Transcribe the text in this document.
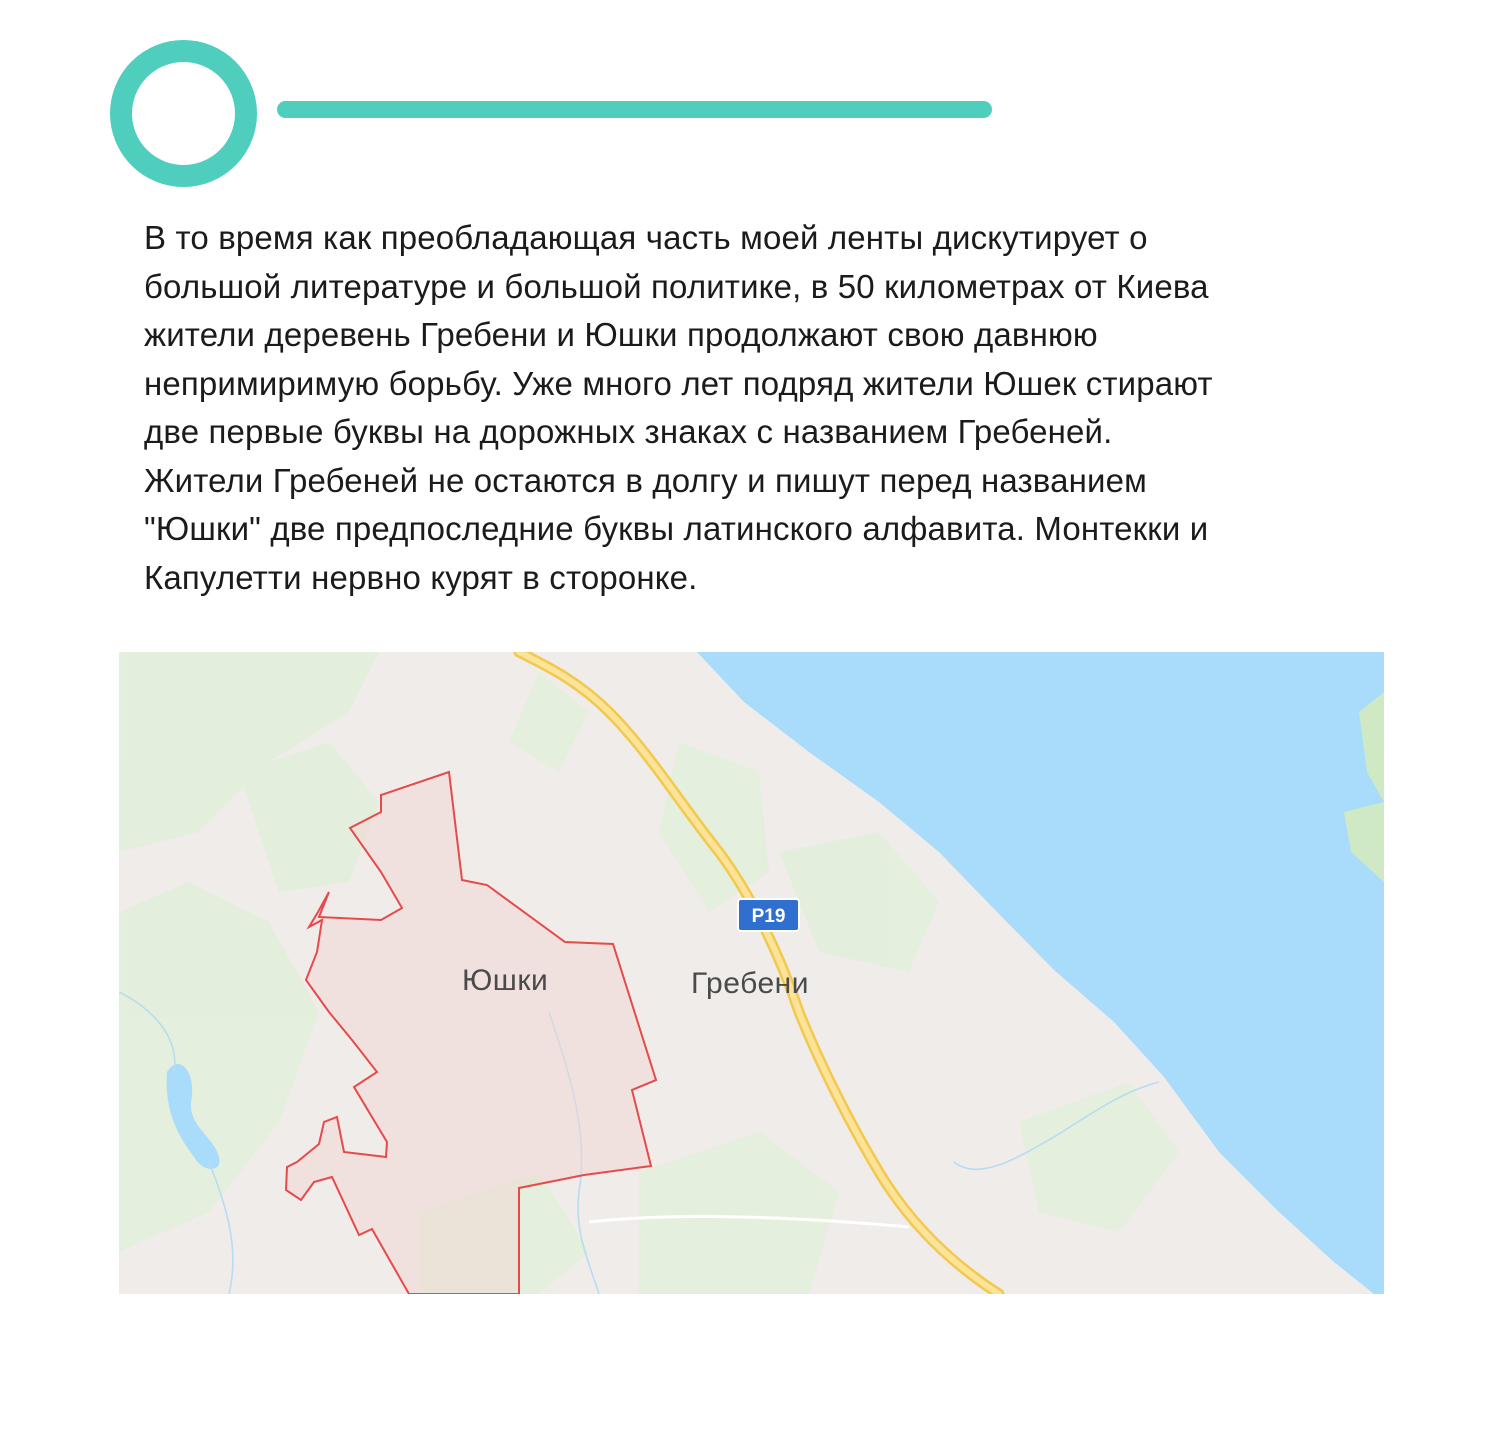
В то время как преобладающая часть моей ленты дискутирует о
большой литературе и большой политике, в 50 километрах от Киева
жители деревень Гребени и Юшки продолжают свою давнюю
непримиримую борьбу. Уже много лет подряд жители Юшек стирают
две первые буквы на дорожных знаках с названием Гребеней.
Жители Гребеней не остаются в долгу и пишут перед названием
"Юшки" две предпоследние буквы латинского алфавита. Монтекки и
Капулетти нервно курят в сторонке.

Р19
Юшки	Гребени
